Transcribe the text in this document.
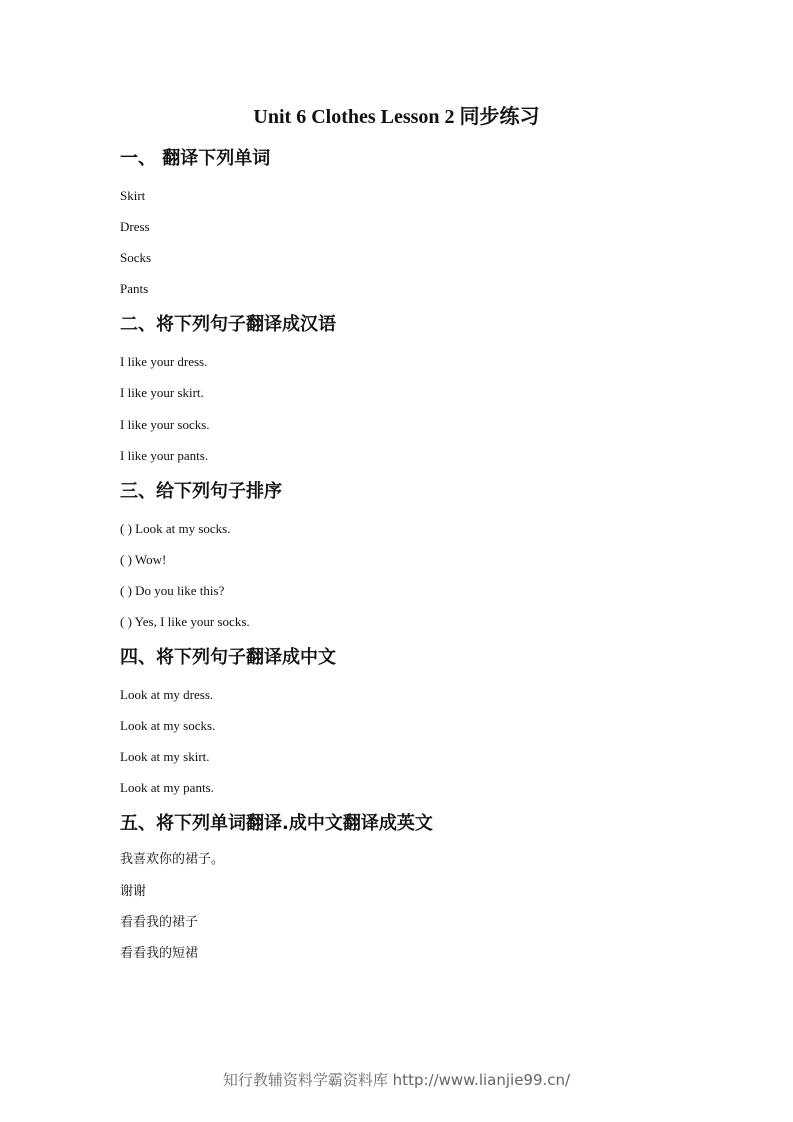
Unit 6 Clothes Lesson 2 同步练习
一、 翻译下列单词
Skirt
Dress
Socks
Pants
二、将下列句子翻译成汉语
I like your dress.
I like your skirt.
I like your socks.
I like your pants.
三、给下列句子排序
( ) Look at my socks.
( ) Wow!
( ) Do you like this?
( ) Yes, I like your socks.
四、将下列句子翻译成中文
Look at my dress.
Look at my socks.
Look at my skirt.
Look at my pants.
五、将下列单词翻译.成中文翻译成英文
我喜欢你的裙子。
谢谢
看看我的裙子
看看我的短裙
知行教辅资料学霸资料库 http://www.lianjie99.cn/
